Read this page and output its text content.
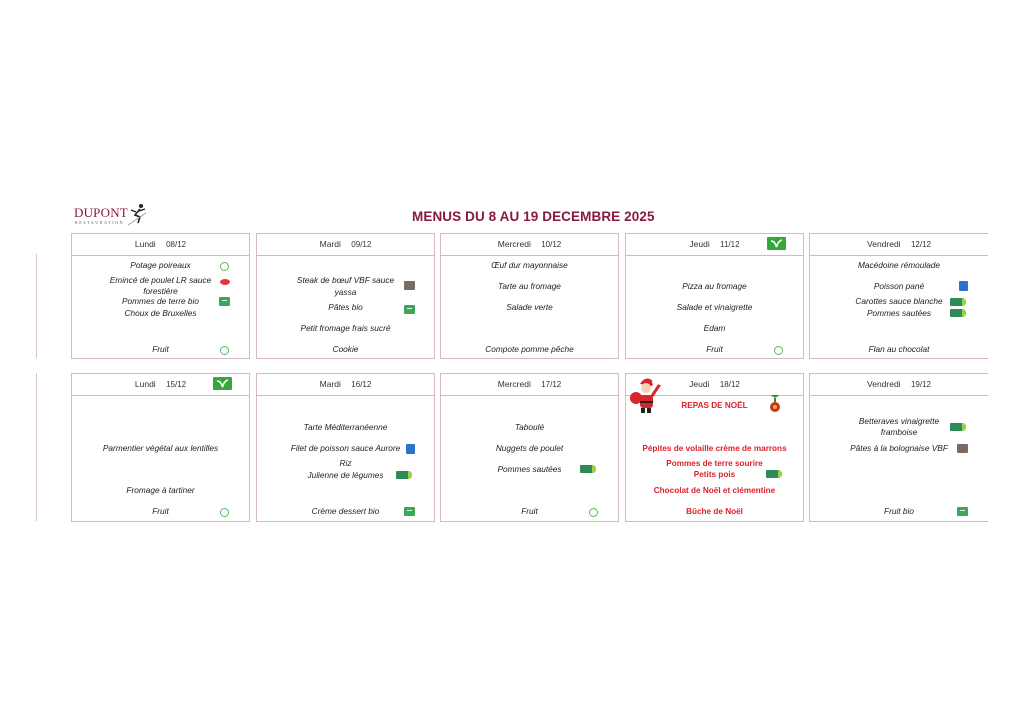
DUPONT
RESTAURATION	MENUS DU 8 AU 19 DECEMBRE 2025
Lundi 08/12
Potage poireaux
Emincé de poulet LR sauce
forestière
Pommes de terre bio
Choux de Bruxelles
Fruit
Mardi 09/12
Steak de bœuf VBF sauce
yassa
Pâtes bio
Petit fromage frais sucré
Cookie
Mercredi 10/12
Œuf dur mayonnaise
Tarte au fromage
Salade verte
Compote pomme pêche
Jeudi 11/12
Pizza au fromage
Salade et vinaigrette
Edam
Fruit
Vendredi 12/12
Macédoine rémoulade
Poisson pané
Carottes sauce blanche
Pommes sautées
Flan au chocolat
Lundi 15/12
Parmentier végétal aux lentilles
Fromage à tartiner
Fruit
Mardi 16/12
Tarte Méditerranéenne
Filet de poisson sauce Aurore
Riz
Julienne de légumes
Crème dessert bio
Mercredi 17/12
Taboulé
Nuggets de poulet
Pommes sautées
Fruit
Jeudi 18/12
REPAS DE NOËL
Pépites de volaille crème de marrons
Pommes de terre sourire
Petits pois
Chocolat de Noël et clémentine
Bûche de Noël
Vendredi 19/12
Betteraves vinaigrette
framboise
Pâtes à la bolognaise VBF
Fruit bio
